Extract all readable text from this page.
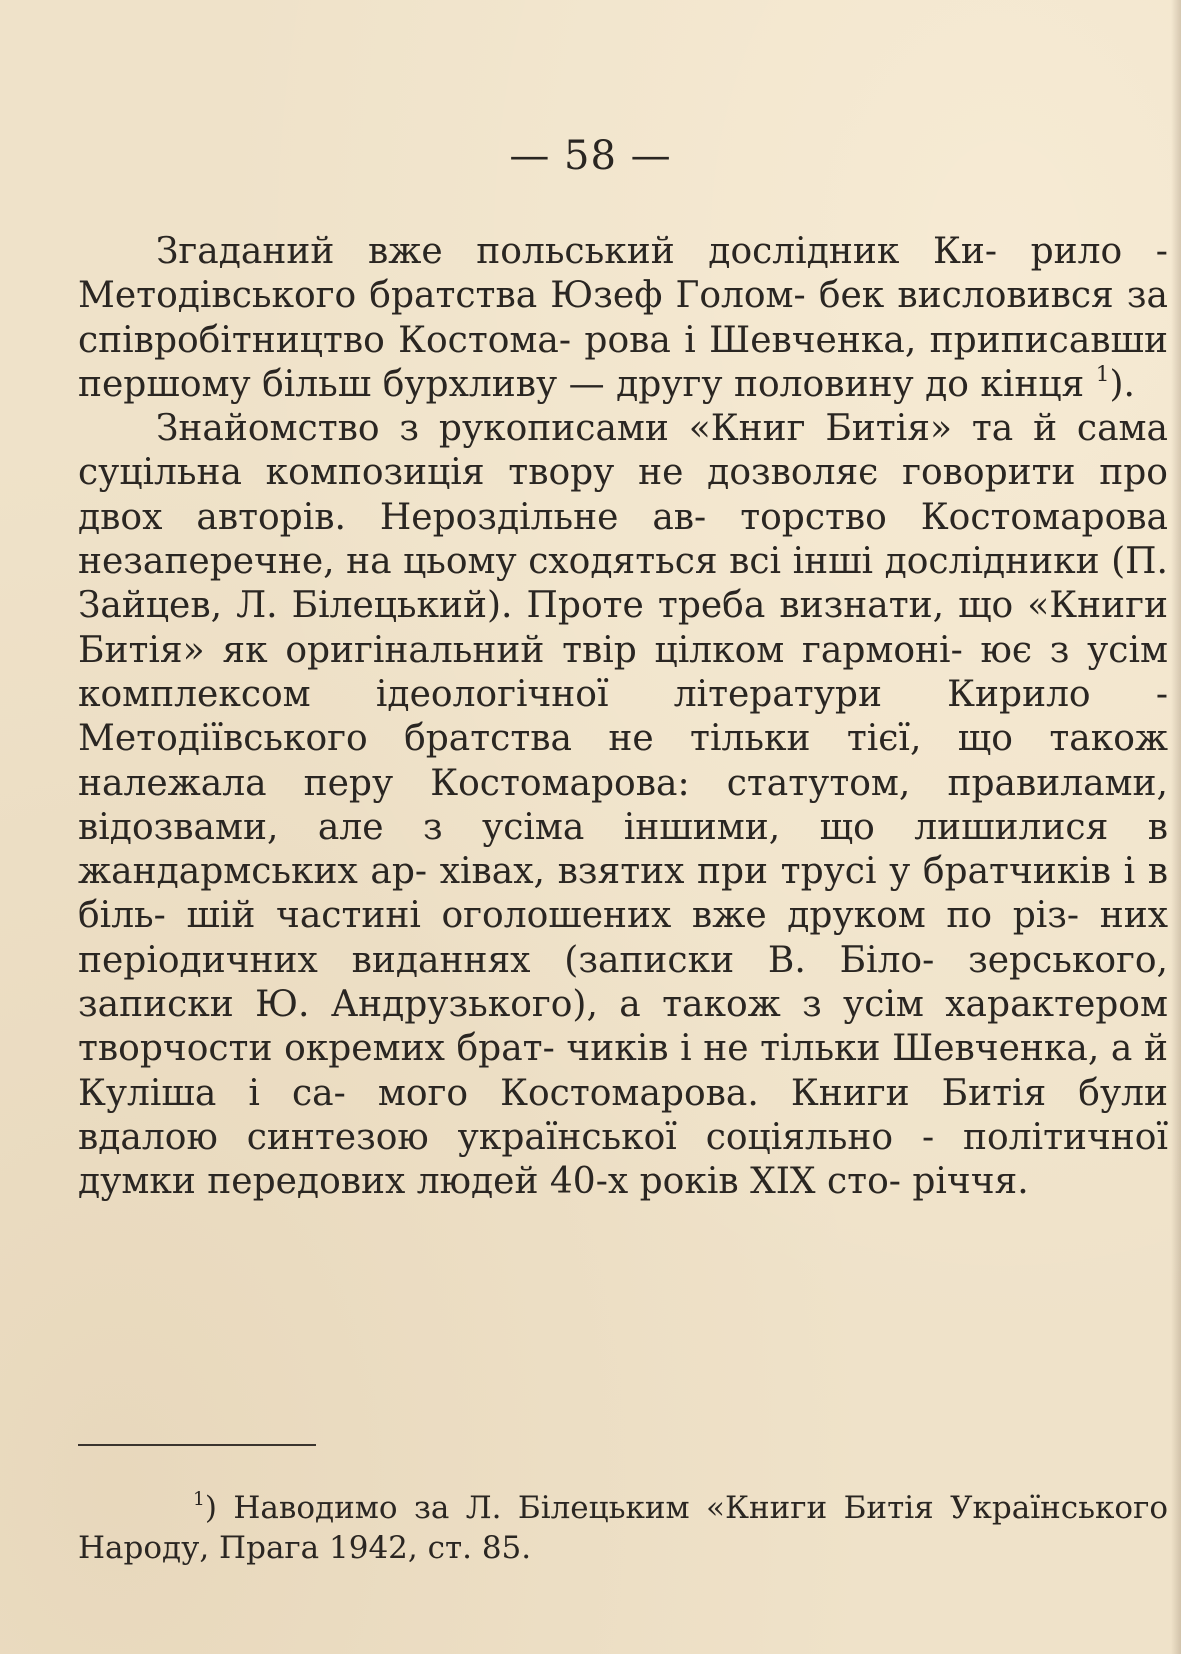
— 58 —

Згаданий вже польський дослідник Ки- рило - Методівського братства Юзеф Голом- бек висловився за співробітництво Костома- рова і Шевченка, приписавши першому більш бурхливу — другу половину до кінця $^1$).

Знайомство з рукописами «Книг Битія» та й сама суцільна композиція твору не дозволяє говорити про двох авторів. Нероздільне ав- торство Костомарова незаперечне, на цьому сходяться всі інші дослідники (П. Зайцев, Л. Білецький). Проте треба визнати, що «Книги Битія» як оригінальний твір цілком гармоні- ює з усім комплексом ідеологічної літератури Кирило - Методіївського братства не тільки тієї, що також належала перу Костомарова: статутом, правилами, відозвами, але з усіма іншими, що лишилися в жандармських ар- хівах, взятих при трусі у братчиків і в біль- шій частині оголошених вже друком по різ- них періодичних виданнях (записки В. Біло- зерського, записки Ю. Андрузького), а також з усім характером творчости окремих брат- чиків і не тільки Шевченка, а й Куліша і са- мого Костомарова. Книги Битія були вдалою синтезою української соціяльно - політичної думки передових людей 40-х років XIX сто- річчя.

$^1$) Наводимо за Л. Білецьким «Книги Битія Українського Народу, Прага 1942, ст. 85.
